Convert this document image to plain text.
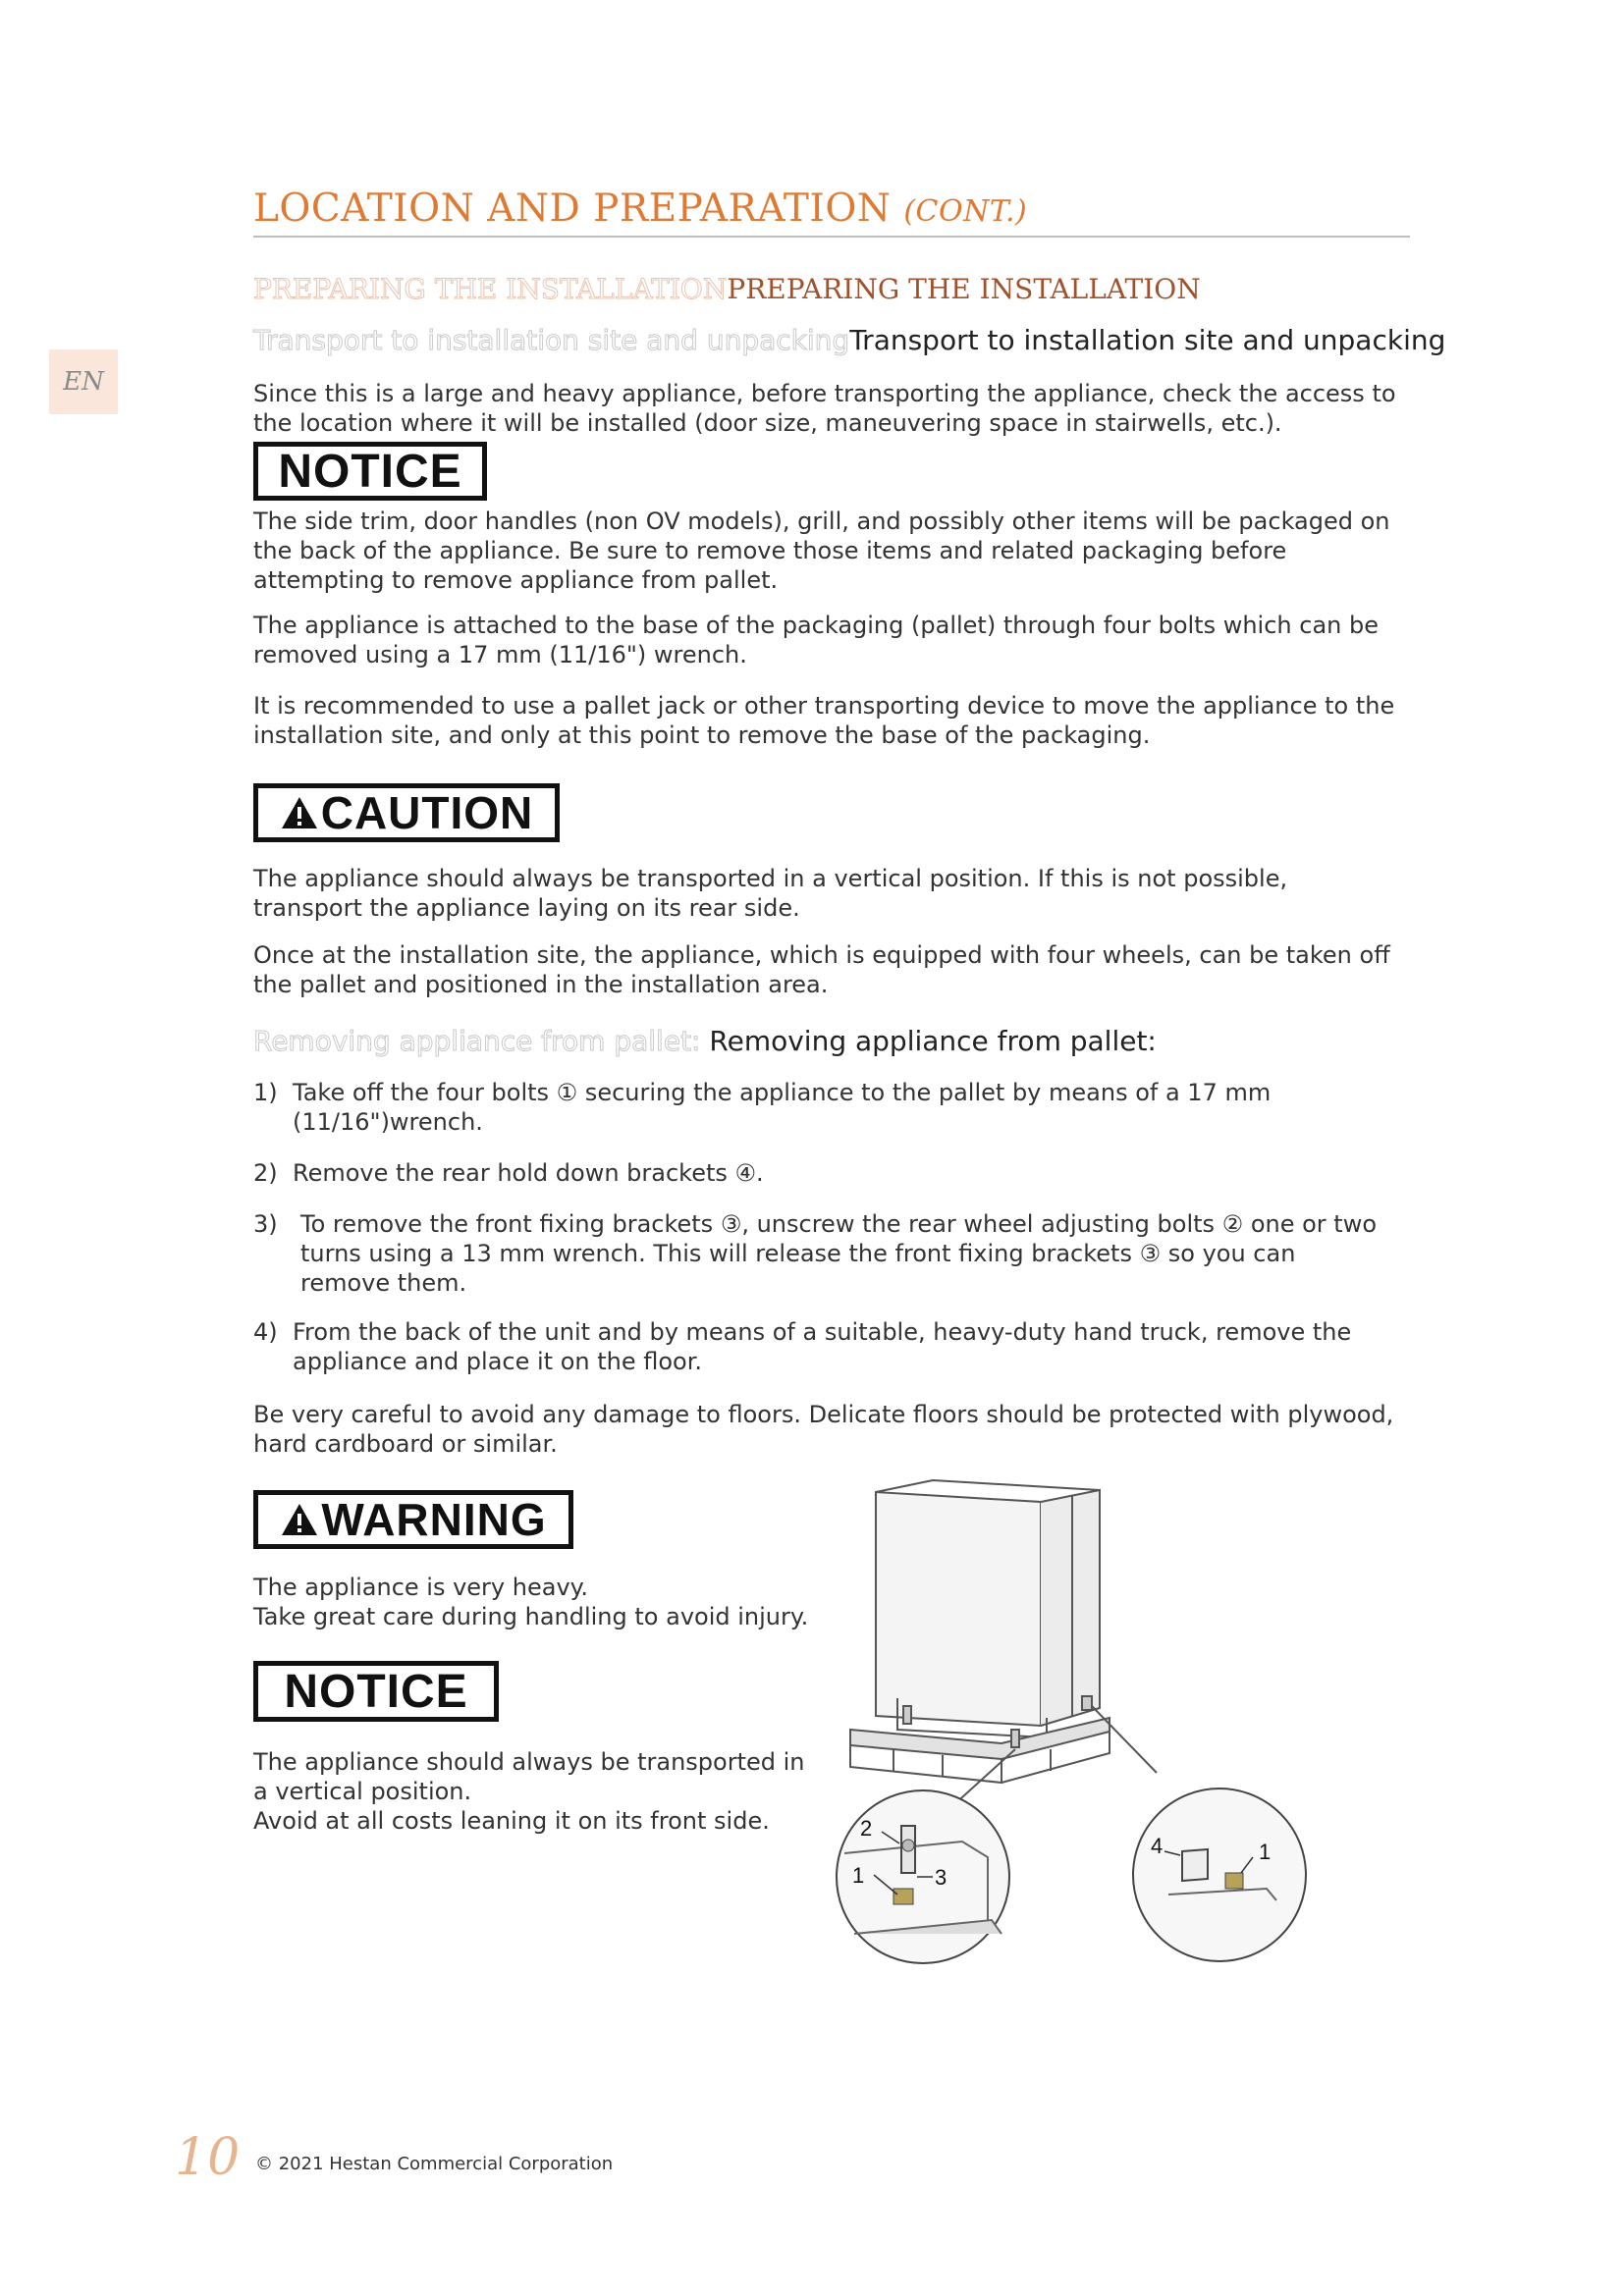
EN
LOCATION AND PREPARATION (CONT.)
PREPARING THE INSTALLATIONPREPARING THE INSTALLATION
Transport to installation site and unpackingTransport to installation site and unpacking
Since this is a large and heavy appliance, before transporting the appliance, check the access to the location where it will be installed (door size, maneuvering space in stairwells, etc.).
NOTICE
The side trim, door handles (non OV models), grill, and possibly other items will be packaged on the back of the appliance. Be sure to remove those items and related packaging before attempting to remove appliance from pallet.
The appliance is attached to the base of the packaging (pallet) through four bolts which can be removed using a 17 mm (11/16") wrench.
It is recommended to use a pallet jack or other transporting device to move the appliance to the installation site, and only at this point to remove the base of the packaging.
CAUTION
The appliance should always be transported in a vertical position. If this is not possible, transport the appliance laying on its rear side.
Once at the installation site, the appliance, which is equipped with four wheels, can be taken off the pallet and positioned in the installation area.
Removing appliance from pallet: Removing appliance from pallet:
1) Take off the four bolts ① securing the appliance to the pallet by means of a 17 mm (11/16")wrench.
2) Remove the rear hold down brackets ④.
3) To remove the front fixing brackets ③, unscrew the rear wheel adjusting bolts ② one or two turns using a 13 mm wrench. This will release the front fixing brackets ③ so you can remove them.
4) From the back of the unit and by means of a suitable, heavy-duty hand truck, remove the appliance and place it on the floor.
Be very careful to avoid any damage to floors. Delicate floors should be protected with plywood, hard cardboard or similar.
WARNING
The appliance is very heavy.
Take great care during handling to avoid injury.
NOTICE
The appliance should always be transported in a vertical position.
Avoid at all costs leaning it on its front side.	2
1	3
4	1
10 © 2021 Hestan Commercial Corporation
